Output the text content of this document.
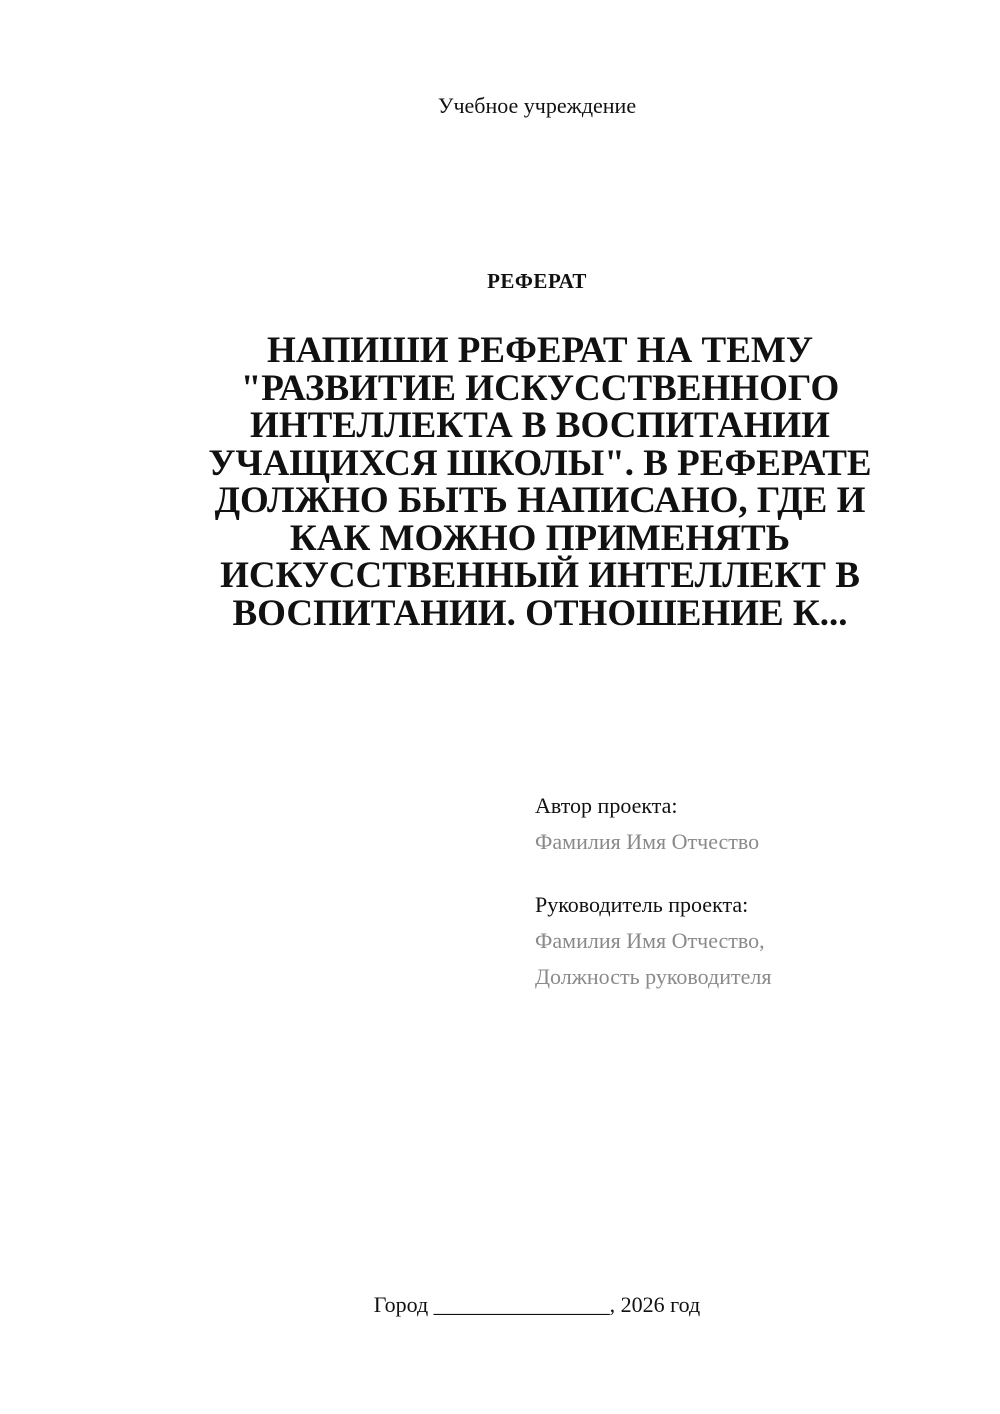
Учебное учреждение
РЕФЕРАТ
НАПИШИ РЕФЕРАТ НА ТЕМУ
"РАЗВИТИЕ ИСКУССТВЕННОГО
ИНТЕЛЛЕКТА В ВОСПИТАНИИ
УЧАЩИХСЯ ШКОЛЫ". В РЕФЕРАТЕ
ДОЛЖНО БЫТЬ НАПИСАНО, ГДЕ И
КАК МОЖНО ПРИМЕНЯТЬ
ИСКУССТВЕННЫЙ ИНТЕЛЛЕКТ В
ВОСПИТАНИИ. ОТНОШЕНИЕ К...
Автор проекта:
Фамилия Имя Отчество
Руководитель проекта:
Фамилия Имя Отчество,
Должность руководителя
Город ________________, 2026 год
